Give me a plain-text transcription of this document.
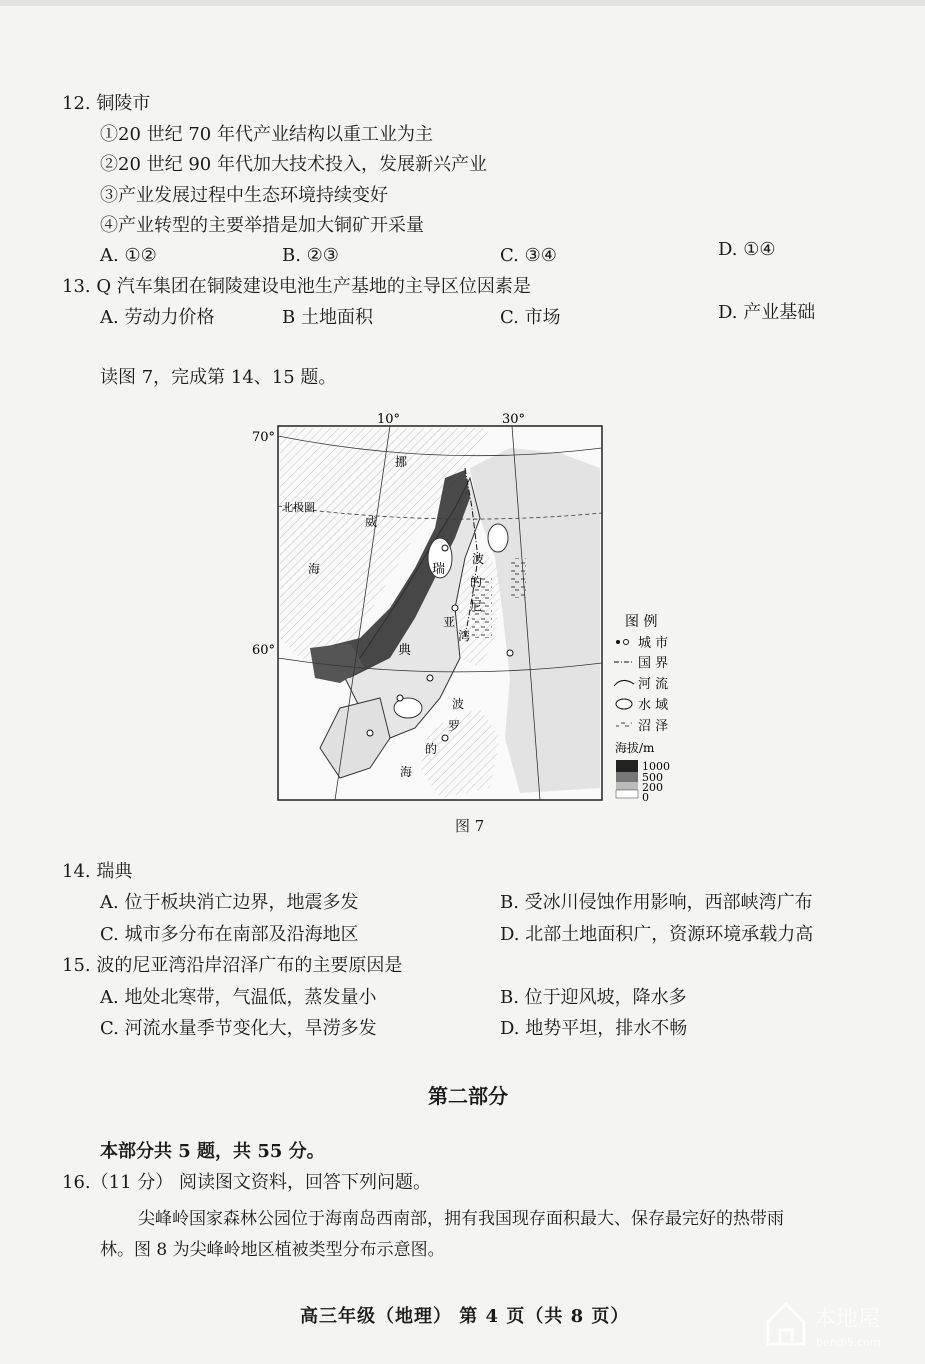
12. 铜陵市
①20 世纪 70 年代产业结构以重工业为主
②20 世纪 90 年代加大技术投入，发展新兴产业
③产业发展过程中生态环境持续变好
④产业转型的主要举措是加大铜矿开采量
A. ①②	B. ②③	C. ③④	D. ①④
13. Q 汽车集团在铜陵建设电池生产基地的主导区位因素是
A. 劳动力价格	B 土地面积	C. 市场	D. 产业基础
读图 7，完成第 14、15 题。
70°
60°
10°	30°
北极圈
海
挪
威
瑞
典
波
的
尼
亚
湾
波
罗
的
海
图 例
城 市
国 界
河 流
水 域
沼 泽
海拔/m
1000
500
200
0
图 7
14. 瑞典
A. 位于板块消亡边界，地震多发	B. 受冰川侵蚀作用影响，西部峡湾广布
C. 城市多分布在南部及沿海地区	D. 北部土地面积广，资源环境承载力高
15. 波的尼亚湾沿岸沼泽广布的主要原因是
A. 地处北寒带，气温低，蒸发量小	B. 位于迎风坡，降水多
C. 河流水量季节变化大，旱涝多发	D. 地势平坦，排水不畅
第二部分
本部分共 5 题，共 55 分。
16.（11 分） 阅读图文资料，回答下列问题。
尖峰岭国家森林公园位于海南岛西南部，拥有我国现存面积最大、保存最完好的热带雨
林。图 8 为尖峰岭地区植被类型分布示意图。
高三年级（地理） 第 4 页（共 8 页）	本地屋
bendi5.com
